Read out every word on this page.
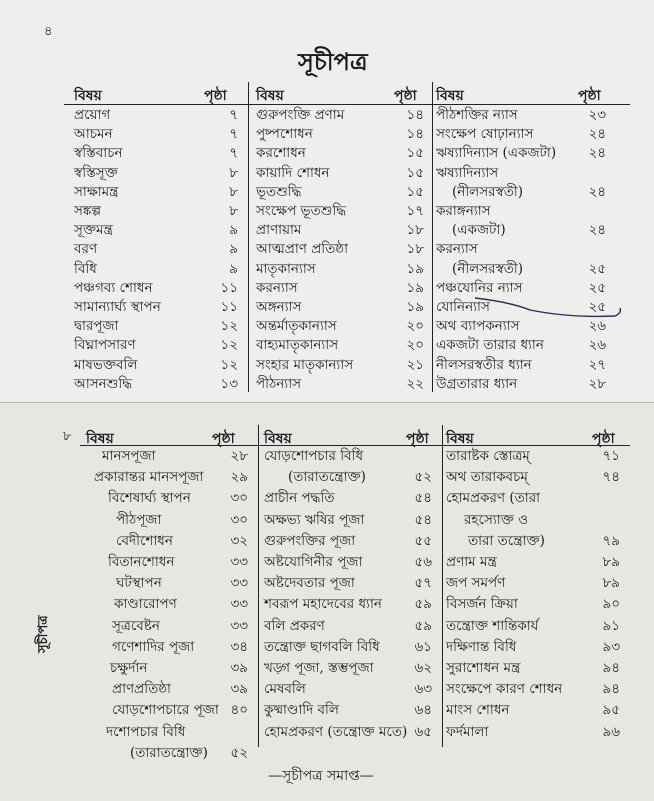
৪
সূচীপত্র
বিষয়	পৃষ্ঠা
প্রয়োগ	৭
আচমন	৭
স্বস্তিবাচন	৭
স্বস্তিসূক্ত	৮
সাক্ষামন্ত্র	৮
সঙ্কল্প	৮
সূক্তমন্ত্র	৯
বরণ	৯
বিধি	৯
পঞ্চগব্য শোধন	১১
সামান্যার্ঘ্য স্থাপন	১১
দ্বারপূজা	১২
বিঘ্নাপসারণ	১২
মাষভক্তবলি	১২
আসনশুদ্ধি	১৩
বিষয়	পৃষ্ঠা
গুরুপংক্তি প্রণাম	১৪
পুষ্পশোধন	১৪
করশোধন	১৫
কায়াদি শোধন	১৫
ভূতশুদ্ধি	১৫
সংক্ষেপ ভূতশুদ্ধি	১৭
প্রাণায়াম	১৮
আত্মপ্রাণ প্রতিষ্ঠা	১৮
মাতৃকান্যাস	১৯
করন্যাস	১৯
অঙ্গন্যাস	১৯
অন্তর্মাতৃকান্যাস	২০
বাহ্যমাতৃকান্যাস	২০
সংহার মাতৃকান্যাস	২১
পীঠন্যাস	২২
বিষয়	পৃষ্ঠা
পীঠশক্তির ন্যাস	২৩
সংক্ষেপ ষোঢ়ান্যাস	২৪
ঋষ্যাদিন্যাস (একজটা)	২৪
ঋষ্যাদিন্যাস
(নীলসরস্বতী)	২৪
করাঙ্গন্যাস
(একজটা)	২৪
করন্যাস
(নীলসরস্বতী)	২৫
পঞ্চযোনির ন্যাস	২৫
যোনিন্যাস	২৫
অথ ব্যাপকন্যাস	২৬
একজটা তারার ধ্যান	২৬
নীলসরস্বতীর ধ্যান	২৭
উগ্রতারার ধ্যান	২৮
৮
সূচীপত্র
বিষয়	পৃষ্ঠা
মানসপূজা	২৮
প্রকারান্তর মানসপূজা	২৯
বিশেষার্ঘ্য স্থাপন	৩০
পীঠপূজা	৩০
বেদীশোধন	৩২
বিতানশোধন	৩৩
ঘটস্থাপন	৩৩
কাণ্ডারোপণ	৩৩
সূত্রবেষ্টন	৩৩
গণেশাদির পূজা	৩৪
চক্ষুর্দান	৩৯
প্রাণপ্রতিষ্ঠা	৩৯
যোড়শোপচারে পূজা ৪০
দশোপচার বিধি
(তারাতন্ত্রোক্ত)	৫২
বিষয়	পৃষ্ঠা
যোড়শোপচার বিধি
(তারাতন্ত্রোক্ত)	৫২
প্রাচীন পদ্ধতি	৫৪
অক্ষভ্য ঋষির পূজা	৫৪
গুরুপংক্তির পূজা	৫৫
অষ্টযোগিনীর পূজা	৫৬
অষ্টদেবতার পূজা	৫৭
শবরূপ মহাদেবের ধ্যান	৫৯
বলি প্রকরণ	৫৯
তন্ত্রোক্ত ছাগবলি বিধি	৬১
খড়্গ পূজা, স্তম্ভপূজা	৬২
মেষবলি	৬৩
কুষ্মাণ্ডাদি বলি	৬৪
হোমপ্রকরণ (তন্ত্রোক্ত মতে) ৬৫
বিষয়	পৃষ্ঠা
তারাষ্টক স্তোত্রম্	৭১
অথ তারাকবচম্	৭৪
হোমপ্রকরণ (তারা
রহস্যোক্ত ও
তারা তন্ত্রোক্ত)	৭৯
প্রণাম মন্ত্র	৮৯
জপ সমর্পণ	৮৯
বিসর্জন ক্রিয়া	৯০
তন্ত্রোক্ত শান্তিকার্য	৯১
দক্ষিণান্ত বিধি	৯৩
সুরাশোধন মন্ত্র	৯৪
সংক্ষেপে কারণ শোধন	৯৪
মাংস শোধন	৯৫
ফর্দমালা	৯৬
—সূচীপত্র সমাপ্ত—
